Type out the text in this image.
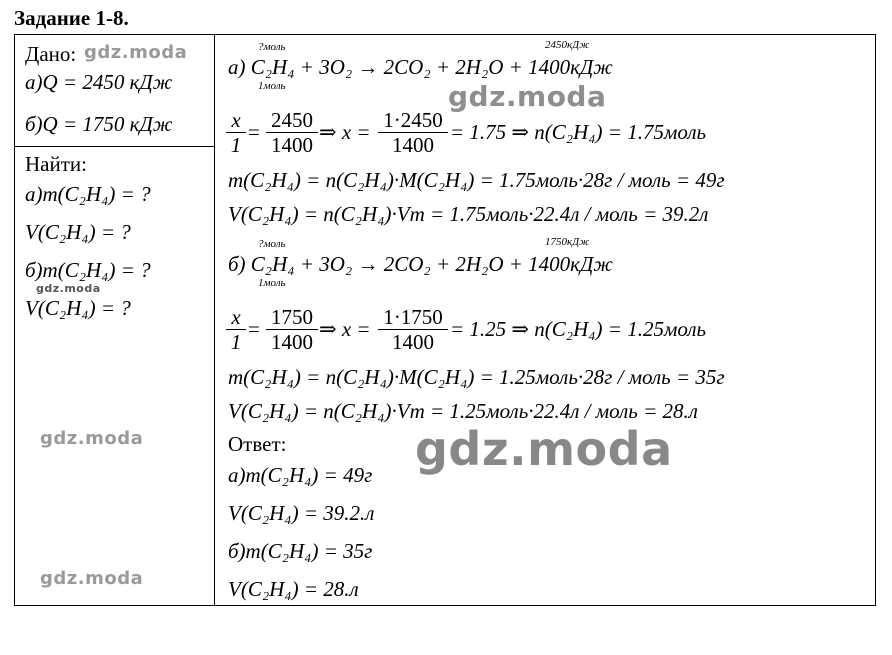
Задание 1-8.
Дано:
а)Q = 2450 кДж
б)Q = 1750 кДж
Найти:
а)m(C₂H₄) = ?
V(C₂H₄) = ?
б)m(C₂H₄) = ?
V(C₂H₄) = ?
?моль	2450кДж
а) C₂H₄ + 3O₂ → 2CO₂ + 2H₂O + 1400кДж
1моль
$\frac{x}{1} = \frac{2450}{1400}$ ⇒ $x = \frac{1\cdot 2450}{1400} = 1.75$ ⇒ n(C₂H₄) = 1.75моль
m(C₂H₄) = n(C₂H₄)·M(C₂H₄) = 1.75моль·28г / моль = 49г
V(C₂H₄) = n(C₂H₄)·Vm = 1.75моль·22.4л / моль = 39.2л
?моль	1750кДж
б) C₂H₄ + 3O₂ → 2CO₂ + 2H₂O + 1400кДж
1моль
$\frac{x}{1} = \frac{1750}{1400}$ ⇒ $x = \frac{1\cdot 1750}{1400} = 1.25$ ⇒ n(C₂H₄) = 1.25моль
m(C₂H₄) = n(C₂H₄)·M(C₂H₄) = 1.25моль·28г / моль = 35г
V(C₂H₄) = n(C₂H₄)·Vm = 1.25моль·22.4л / моль = 28.л
Ответ:
а)m(C₂H₄) = 49г
V(C₂H₄) = 39.2.л
б)m(C₂H₄) = 35г
V(C₂H₄) = 28.л
gdz.moda
gdz.moda
gdz.moda
gdz.moda	gdz.moda
gdz.moda
